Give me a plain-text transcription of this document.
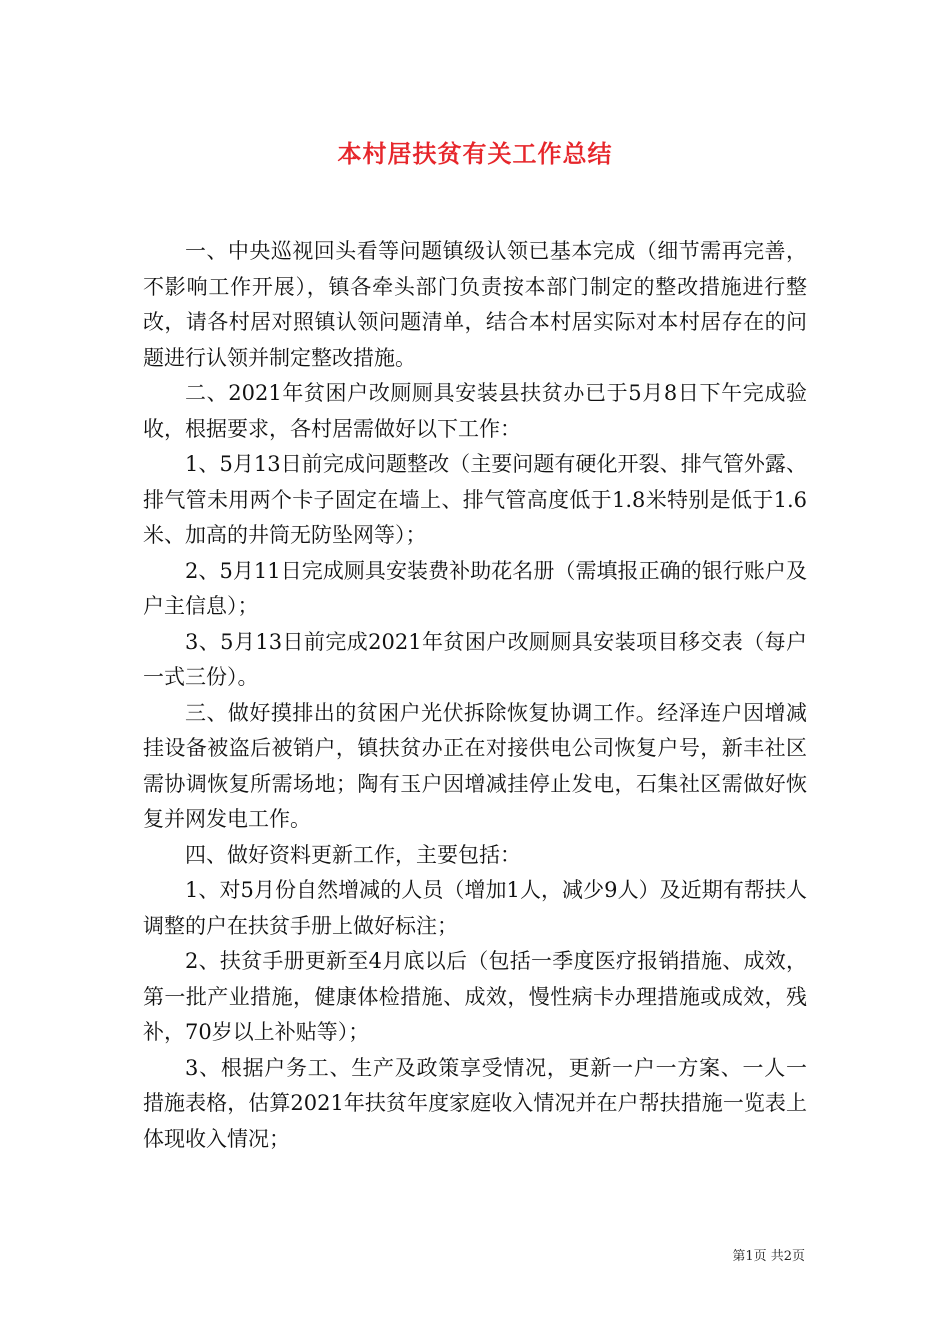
本村居扶贫有关工作总结

一、中央巡视回头看等问题镇级认领已基本完成（细节需再完善，不影响工作开展），镇各牵头部门负责按本部门制定的整改措施进行整改，请各村居对照镇认领问题清单，结合本村居实际对本村居存在的问题进行认领并制定整改措施。

二、2021年贫困户改厕厕具安装县扶贫办已于5月8日下午完成验收，根据要求，各村居需做好以下工作：

1、5月13日前完成问题整改（主要问题有硬化开裂、排气管外露、排气管未用两个卡子固定在墙上、排气管高度低于1.8米特别是低于1.6米、加高的井筒无防坠网等）；

2、5月11日完成厕具安装费补助花名册（需填报正确的银行账户及户主信息）；

3、5月13日前完成2021年贫困户改厕厕具安装项目移交表（每户一式三份）。

三、做好摸排出的贫困户光伏拆除恢复协调工作。经泽连户因增减挂设备被盗后被销户，镇扶贫办正在对接供电公司恢复户号，新丰社区需协调恢复所需场地；陶有玉户因增减挂停止发电，石集社区需做好恢复并网发电工作。

四、做好资料更新工作，主要包括：

1、对5月份自然增减的人员（增加1人，减少9人）及近期有帮扶人调整的户在扶贫手册上做好标注；

2、扶贫手册更新至4月底以后（包括一季度医疗报销措施、成效，第一批产业措施，健康体检措施、成效，慢性病卡办理措施或成效，残补，70岁以上补贴等）；

3、根据户务工、生产及政策享受情况，更新一户一方案、一人一措施表格，估算2021年扶贫年度家庭收入情况并在户帮扶措施一览表上体现收入情况；

第1页 共2页
